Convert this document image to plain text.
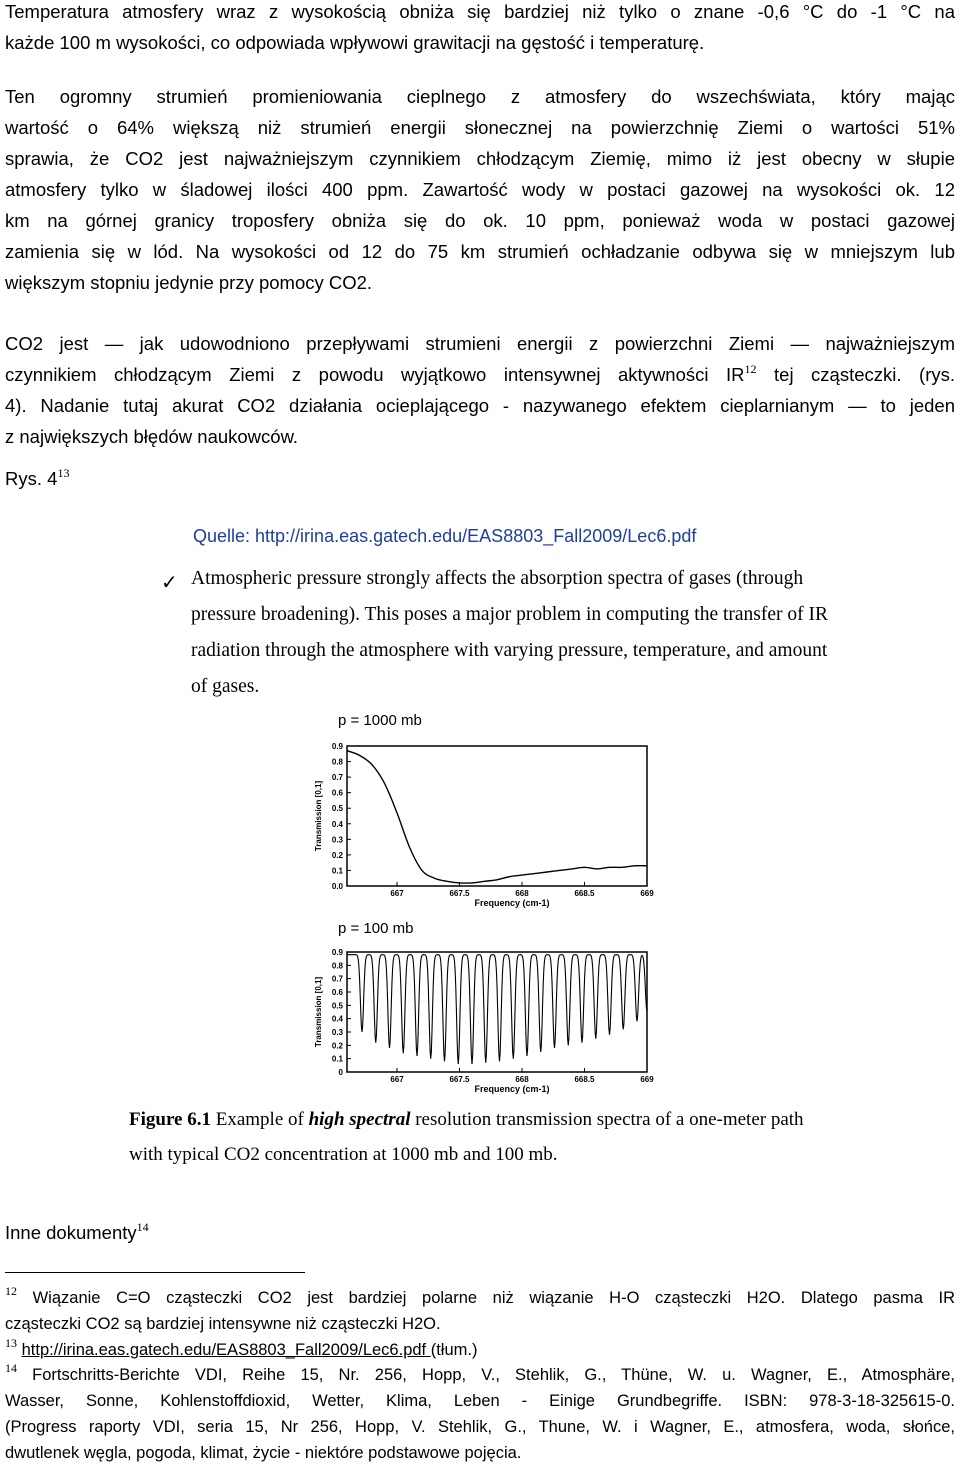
Temperatura atmosfery wraz z wysokością obniża się bardziej niż tylko o znane -0,6 °C do -1 °C na
każde 100 m wysokości, co odpowiada wpływowi grawitacji na gęstość i temperaturę.

Ten ogromny strumień promieniowania cieplnego z atmosfery do wszechświata, który mając
wartość o 64% większą niż strumień energii słonecznej na powierzchnię Ziemi o wartości 51%
sprawia, że CO2 jest najważniejszym czynnikiem chłodzącym Ziemię, mimo iż jest obecny w słupie
atmosfery tylko w śladowej ilości 400 ppm. Zawartość wody w postaci gazowej na wysokości ok. 12
km na górnej granicy troposfery obniża się do ok. 10 ppm, ponieważ woda w postaci gazowej
zamienia się w lód. Na wysokości od 12 do 75 km strumień ochładzanie odbywa się w mniejszym lub
większym stopniu jedynie przy pomocy CO2.

CO2 jest — jak udowodniono przepływami strumieni energii z powierzchni Ziemi — najważniejszym
czynnikiem chłodzącym Ziemi z powodu wyjątkowo intensywnej aktywności IR$^{12}$ tej cząsteczki. (rys.
4). Nadanie tutaj akurat CO2 działania ocieplającego - nazywanego efektem cieplarnianym — to jeden
z największych błędów naukowców.

Rys. 4$^{13}$
Quelle: http://irina.eas.gatech.edu/EAS8803_Fall2009/Lec6.pdf
✓ Atmospheric pressure strongly affects the absorption spectra of gases (through
pressure broadening). This poses a major problem in computing the transfer of IR
radiation through the atmosphere with varying pressure, temperature, and amount
of gases.
p = 1000 mb
0.0
0.1
0.2
0.3
0.4
0.5
0.6
0.7
0.8
0.9
667	667.5	668	668.5	669
Frequency (cm-1)
Transmission [0,1]
p = 100 mb
0
0.1
0.2
0.3
0.4
0.5
0.6
0.7
0.8
0.9
667	667.5	668	668.5	669
Frequency (cm-1)
Transmission [0,1]
Figure 6.1 Example of high spectral resolution transmission spectra of a one-meter path
with typical CO2 concentration at 1000 mb and 100 mb.
Inne dokumenty$^{14}$

$^{12}$ Wiązanie C=O cząsteczki CO2 jest bardziej polarne niż wiązanie H-O cząsteczki H2O. Dlatego pasma IR
cząsteczki CO2 są bardziej intensywne niż cząsteczki H2O.

$^{13}$ http://irina.eas.gatech.edu/EAS8803_Fall2009/Lec6.pdf (tłum.)

$^{14}$ Fortschritts-Berichte VDI, Reihe 15, Nr. 256, Hopp, V., Stehlik, G., Thüne, W. u. Wagner, E., Atmosphäre,
Wasser, Sonne, Kohlenstoffdioxid, Wetter, Klima, Leben - Einige Grundbegriffe. ISBN: 978-3-18-325615-0.
(Progress raporty VDI, seria 15, Nr 256, Hopp, V. Stehlik, G., Thune, W. i Wagner, E., atmosfera, woda, słońce,
dwutlenek węgla, pogoda, klimat, życie - niektóre podstawowe pojęcia.
